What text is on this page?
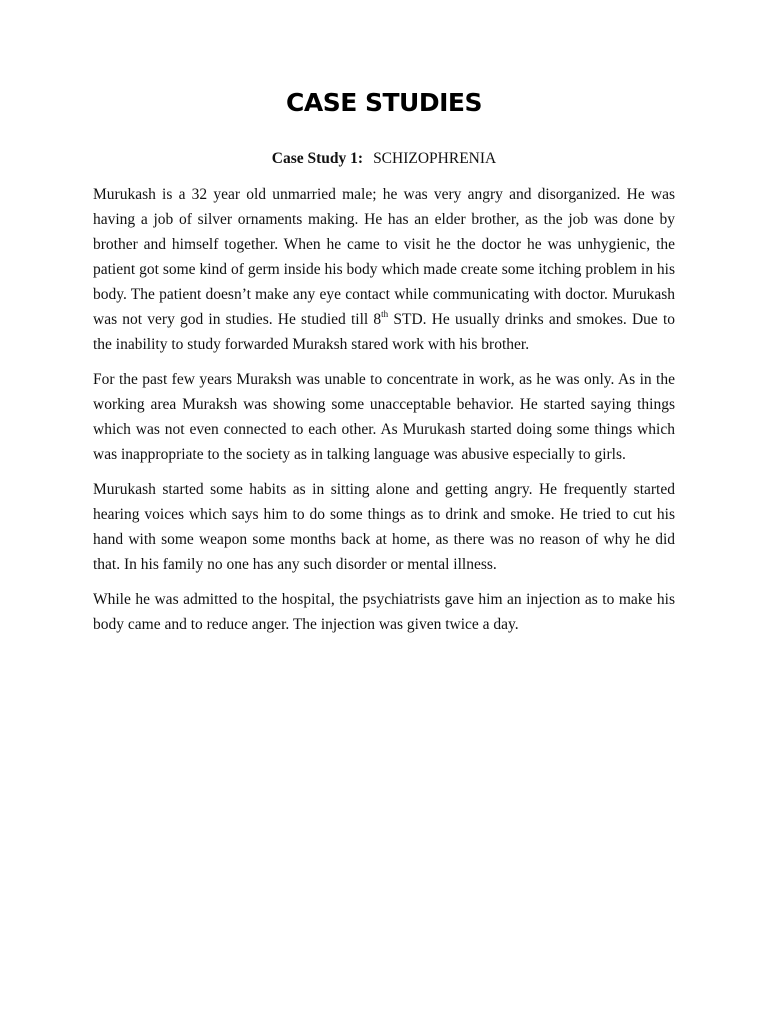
CASE STUDIES

Case Study 1: SCHIZOPHRENIA

Murukash is a 32 year old unmarried male; he was very angry and disorganized. He was having a job of silver ornaments making. He has an elder brother, as the job was done by brother and himself together. When he came to visit he the doctor he was unhygienic, the patient got some kind of germ inside his body which made create some itching problem in his body. The patient doesn’t make any eye contact while communicating with doctor. Murukash was not very god in studies. He studied till 8th STD. He usually drinks and smokes. Due to the inability to study forwarded Muraksh stared work with his brother.

For the past few years Muraksh was unable to concentrate in work, as he was only. As in the working area Muraksh was showing some unacceptable behavior. He started saying things which was not even connected to each other. As Murukash started doing some things which was inappropriate to the society as in talking language was abusive especially to girls.

Murukash started some habits as in sitting alone and getting angry. He frequently started hearing voices which says him to do some things as to drink and smoke. He tried to cut his hand with some weapon some months back at home, as there was no reason of why he did that. In his family no one has any such disorder or mental illness.

While he was admitted to the hospital, the psychiatrists gave him an injection as to make his body came and to reduce anger. The injection was given twice a day.
